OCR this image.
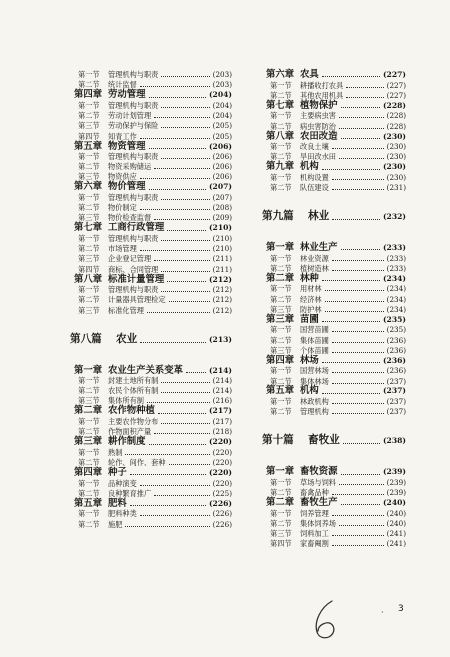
第一节	管理机构与职责	(203)
第二节	统计监督	(203)
第四章 劳动管理	(204)
第一节	管理机构与职责	(204)
第二节	劳动计划管理	(204)
第三节	劳动保护与保险	(205)
第四节	知青工作	(205)
第五章 物资管理	(206)
第一节	管理机构与职责	(206)
第二节	物资采购储运	(206)
第三节	物资供应	(206)
第六章 物价管理	(207)
第一节	管理机构与职责	(207)
第二节	物价制定	(208)
第三节	物价检查监督	(209)
第七章 工商行政管理	(210)
第一节	管理机构与职责	(210)
第二节	市场管理	(210)
第三节	企业登记管理	(211)
第四节	商标、合同管理	(211)
第八章 标准计量管理	(212)
第一节	管理机构与职责	(212)
第二节	计量器具管理检定	(212)
第三节	标准化管理	(212)
第八篇	农业	(213)
第一章 农业生产关系变革	(214)
第一节	封建土地所有制	(214)
第二节	农民个体所有制	(214)
第三节	集体所有制	(216)
第二章 农作物种植	(217)
第一节	主要农作物分布	(217)
第二节	作物面积产量	(218)
第三章 耕作制度	(220)
第一节	熟制	(220)
第二节	轮作、间作、套种	(220)
第四章 种子	(220)
第一节	品种演变	(220)
第二节	良种繁育推广	(225)
第五章 肥料	(226)
第一节	肥料种类	(226)
第二节	施肥	(226)
第六章 农具	(227)
第一节	耕播收打农具	(227)
第二节	其他农用机具	(227)
第七章 植物保护	(228)
第一节	主要病虫害	(228)
第二节	病虫害防治	(228)
第八章 农田改造	(230)
第一节	改良土壤	(230)
第二节	旱田改水田	(230)
第九章 机构	(230)
第一节	机构设置	(230)
第二节	队伍建设	(231)
第九篇	林业	(232)
第一章 林业生产	(233)
第一节	林业资源	(233)
第二节	植树造林	(233)
第二章 林种	(234)
第一节	用材林	(234)
第二节	经济林	(234)
第三节	防护林	(234)
第三章 苗圃	(235)
第一节	国营苗圃	(235)
第二节	集体苗圃	(236)
第三节	个体苗圃	(236)
第四章 林场	(236)
第一节	国营林场	(236)
第二节	集体林场	(237)
第五章 机构	(237)
第一节	林政机构	(237)
第二节	管理机构	(237)
第十篇	畜牧业	(238)
第一章 畜牧资源	(239)
第一节	草场与饲料	(239)
第二节	畜禽品种	(239)
第二章 畜牧生产	(240)
第一节	饲养管理	(240)
第二节	集体饲养场	(240)
第三节	饲料加工	(241)
第四节	家畜阉割	(241)
· 3
